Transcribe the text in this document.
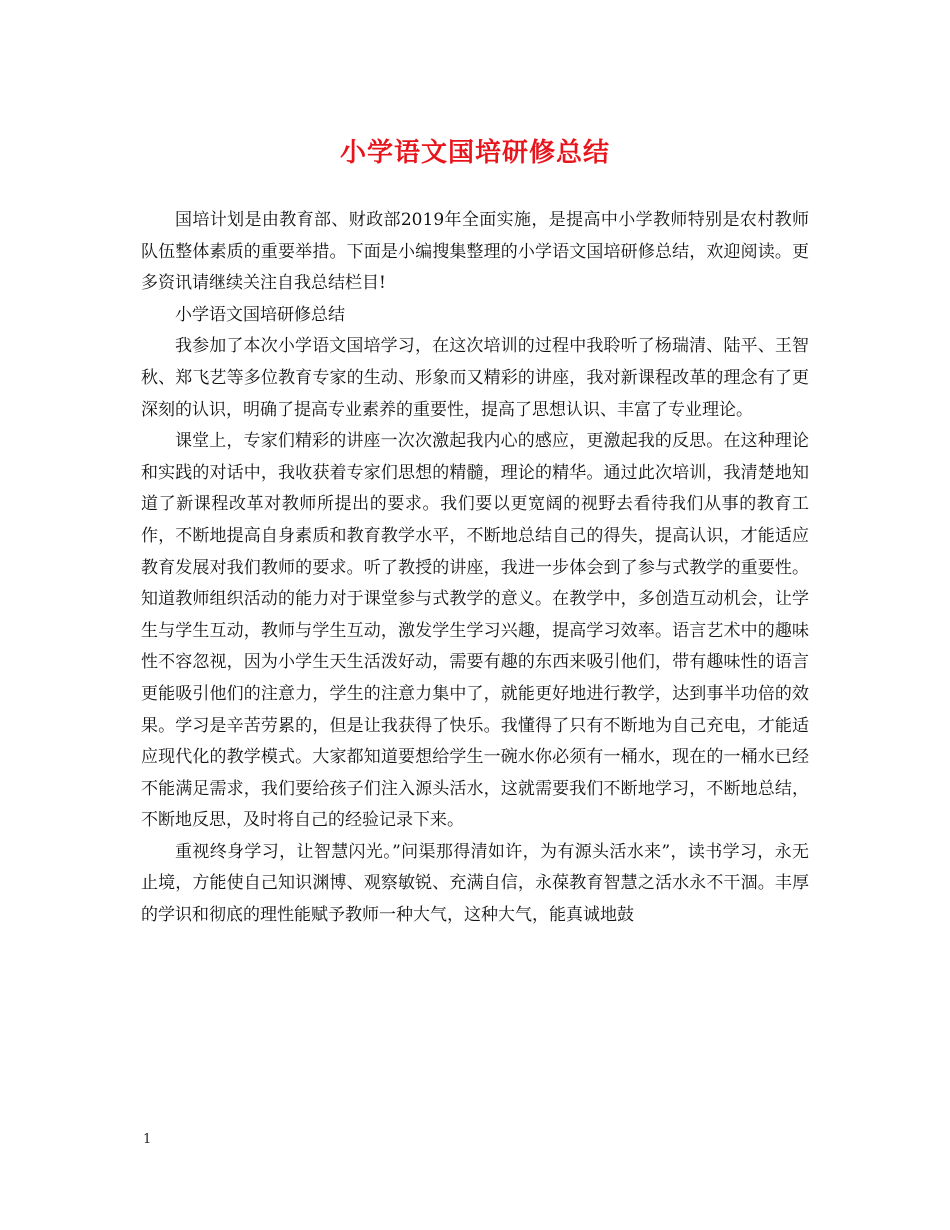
小学语文国培研修总结

国培计划是由教育部、财政部2019年全面实施，是提高中小学教师特别是农村教师队伍整体素质的重要举措。下面是小编搜集整理的小学语文国培研修总结，欢迎阅读。更多资讯请继续关注自我总结栏目!

小学语文国培研修总结

我参加了本次小学语文国培学习，在这次培训的过程中我聆听了杨瑞清、陆平、王智秋、郑飞艺等多位教育专家的生动、形象而又精彩的讲座，我对新课程改革的理念有了更深刻的认识，明确了提高专业素养的重要性，提高了思想认识、丰富了专业理论。

课堂上，专家们精彩的讲座一次次激起我内心的感应，更激起我的反思。在这种理论和实践的对话中，我收获着专家们思想的精髓，理论的精华。通过此次培训，我清楚地知道了新课程改革对教师所提出的要求。我们要以更宽阔的视野去看待我们从事的教育工作，不断地提高自身素质和教育教学水平，不断地总结自己的得失，提高认识，才能适应教育发展对我们教师的要求。听了教授的讲座，我进一步体会到了参与式教学的重要性。知道教师组织活动的能力对于课堂参与式教学的意义。在教学中，多创造互动机会，让学生与学生互动，教师与学生互动，激发学生学习兴趣，提高学习效率。语言艺术中的趣味性不容忽视，因为小学生天生活泼好动，需要有趣的东西来吸引他们，带有趣味性的语言更能吸引他们的注意力，学生的注意力集中了，就能更好地进行教学，达到事半功倍的效果。学习是辛苦劳累的，但是让我获得了快乐。我懂得了只有不断地为自己充电，才能适应现代化的教学模式。大家都知道要想给学生一碗水你必须有一桶水，现在的一桶水已经不能满足需求，我们要给孩子们注入源头活水，这就需要我们不断地学习，不断地总结，不断地反思，及时将自己的经验记录下来。

重视终身学习，让智慧闪光。”问渠那得清如许，为有源头活水来”，读书学习，永无止境，方能使自己知识渊博、观察敏锐、充满自信，永葆教育智慧之活水永不干涸。丰厚的学识和彻底的理性能赋予教师一种大气，这种大气，能真诚地鼓

1
